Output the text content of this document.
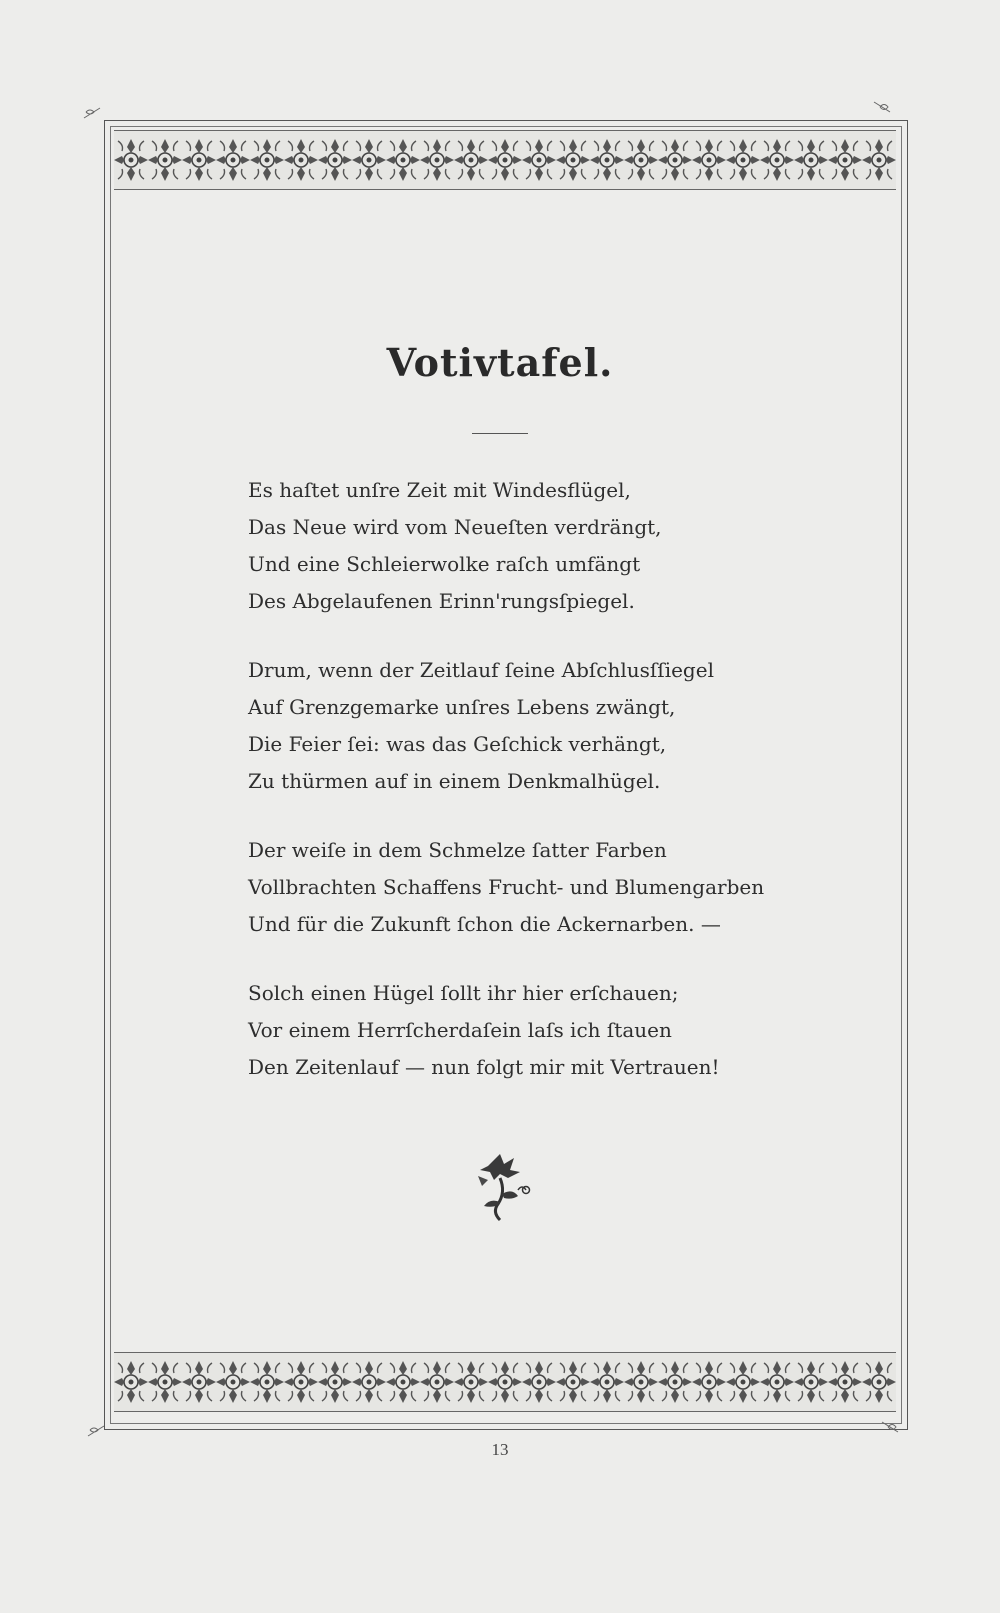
Votivtafel.
Es haſtet unſre Zeit mit Windesflügel,
Das Neue wird vom Neueſten verdrängt,
Und eine Schleierwolke raſch umfängt
Des Abgelaufenen Erinn'rungsſpiegel.
Drum, wenn der Zeitlauf ſeine Abſchlusſſiegel
Auf Grenzgemarke unſres Lebens zwängt,
Die Feier ſei: was das Geſchick verhängt,
Zu thürmen auf in einem Denkmalhügel.
Der weiſe in dem Schmelze ſatter Farben
Vollbrachten Schaffens Frucht- und Blumengarben
Und für die Zukunft ſchon die Ackernarben. —
Solch einen Hügel ſollt ihr hier erſchauen;
Vor einem Herrſcherdaſein laſs ich ſtauen
Den Zeitenlauf — nun folgt mir mit Vertrauen!
13
